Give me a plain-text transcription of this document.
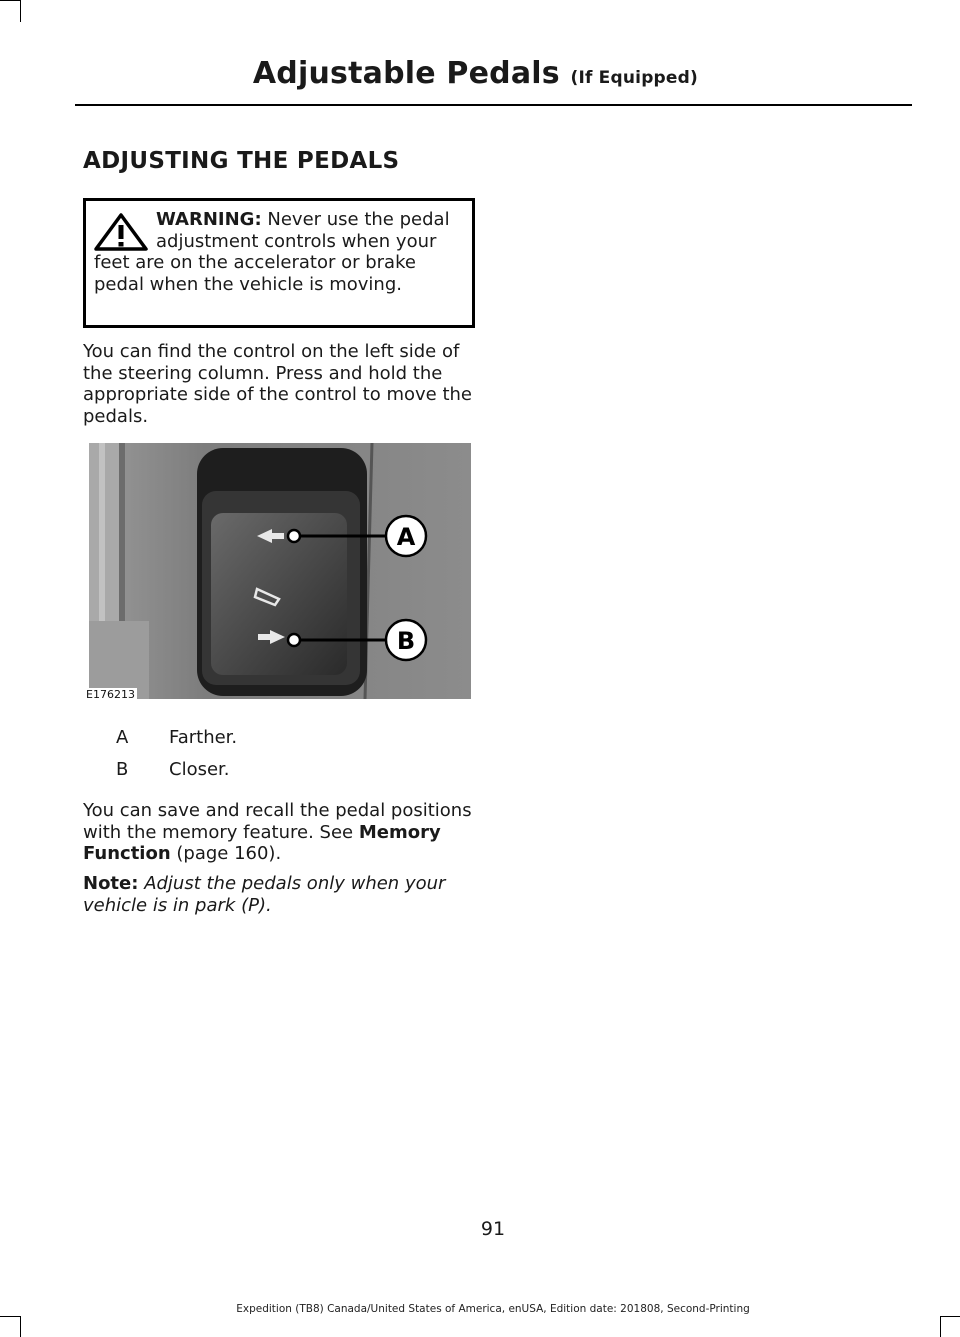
Adjustable Pedals (If Equipped)
ADJUSTING THE PEDALS
WARNING: Never use the pedal adjustment controls when your feet are on the accelerator or brake pedal when the vehicle is moving.
You can find the control on the left side of the steering column. Press and hold the appropriate side of the control to move the pedals.
A
B
E176213
A	Farther.
B	Closer.
You can save and recall the pedal positions with the memory feature. See Memory Function (page 160).
Note: Adjust the pedals only when your vehicle is in park (P).
91
Expedition (TB8) Canada/United States of America, enUSA, Edition date: 201808, Second-Printing
